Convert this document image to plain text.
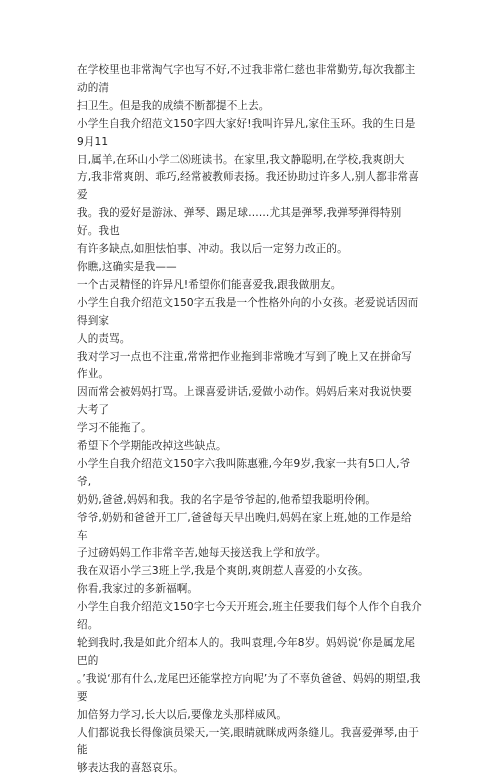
在学校里也非常淘气字也写不好,不过我非常仁慈也非常勤劳,每次我都主动的清
扫卫生。但是我的成绩不断都提不上去。

小学生自我介绍范文150字四大家好!我叫许异凡,家住玉环。我的生日是9月11
日,属羊,在环山小学二⑻班读书。在家里,我文静聪明,在学校,我爽朗大
方,我非常爽朗、乖巧,经常被教师表扬。我还协助过许多人,别人都非常喜爱
我。我的爱好是游泳、弹琴、踢足球……尤其是弹琴,我弹琴弹得特别好。我也
有许多缺点,如胆怯怕事、冲动。我以后一定努力改正的。

你瞧,这确实是我——

一个古灵精怪的许异凡!希望你们能喜爱我,跟我做朋友。

小学生自我介绍范文150字五我是一个性格外向的小女孩。老爱说话因而得到家
人的责骂。

我对学习一点也不注重,常常把作业拖到非常晚才写到了晚上又在拼命写作业。
因而常会被妈妈打骂。上课喜爱讲话,爱做小动作。妈妈后来对我说快要大考了
学习不能拖了。

希望下个学期能改掉这些缺点。

小学生自我介绍范文150字六我叫陈惠雅,今年9岁,我家一共有5口人,爷爷,
奶奶,爸爸,妈妈和我。我的名字是爷爷起的,他希望我聪明伶俐。

爷爷,奶奶和爸爸开工厂,爸爸每天早出晚归,妈妈在家上班,她的工作是给车
子过磅妈妈工作非常辛苦,她每天接送我上学和放学。

我在双语小学三3班上学,我是个爽朗,爽朗惹人喜爱的小女孩。

你看,我家过的多新福啊。

小学生自我介绍范文150字七今天开班会,班主任要我们每个人作个自我介绍。
轮到我时,我是如此介绍本人的。我叫袁理,今年8岁。妈妈说‘你是属龙尾巴的
。’我说‘那有什么,龙尾巴还能掌控方向呢’为了不辜负爸爸、妈妈的期望,我要
加倍努力学习,长大以后,要像龙头那样威风。

人们都说我长得像演员梁天,一笑,眼睛就眯成两条缝儿。我喜爱弹琴,由于能
够表达我的喜怒哀乐。
